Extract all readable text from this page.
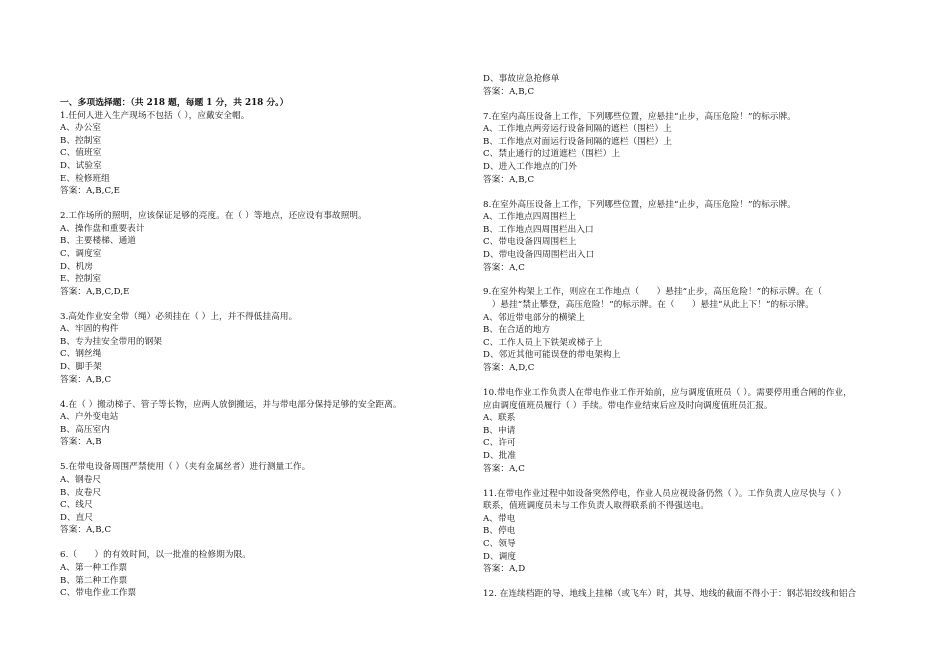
一、多项选择题：（共 218 题，每题 1 分，共 218 分。）
1.任何人进入生产现场不包括（ ），应戴安全帽。
A、办公室
B、控制室
C、值班室
D、试验室
E、检修班组
答案：A,B,C,E
2.工作场所的照明，应该保证足够的亮度。在（ ）等地点，还应设有事故照明。
A、操作盘和重要表计
B、主要楼梯、通道
C、调度室
D、机房
E、控制室
答案：A,B,C,D,E
3.高处作业安全带（绳）必须挂在（ ）上，并不得低挂高用。
A、牢固的构件
B、专为挂安全带用的钢架
C、钢丝绳
D、脚手架
答案：A,B,C
4.在（ ）搬动梯子、管子等长物，应两人放倒搬运，并与带电部分保持足够的安全距离。
A、户外变电站
B、高压室内
答案：A,B
5.在带电设备周围严禁使用（ ）（夹有金属丝者）进行测量工作。
A、钢卷尺
B、皮卷尺
C、线尺
D、直尺
答案：A,B,C
6.（　　）的有效时间，以一批准的检修期为限。
A、第一种工作票
B、第二种工作票
C、带电作业工作票
D、事故应急抢修单
答案：A,B,C
7.在室内高压设备上工作，下列哪些位置，应悬挂“止步，高压危险！”的标示牌。
A、工作地点两旁运行设备间隔的遮栏（围栏）上
B、工作地点对面运行设备间隔的遮栏（围栏）上
C、禁止通行的过道遮栏（围栏）上
D、进入工作地点的门外
答案：A,B,C
8.在室外高压设备上工作，下列哪些位置，应悬挂“止步，高压危险！”的标示牌。
A、工作地点四周围栏上
B、工作地点四周围栏出入口
C、带电设备四周围栏上
D、带电设备四周围栏出入口
答案：A,C
9.在室外构架上工作，则应在工作地点（　　）悬挂“止步，高压危险！”的标示牌。在（
　）悬挂“禁止攀登，高压危险！”的标示牌。在（　　）悬挂“从此上下！”的标示牌。
A、邻近带电部分的横梁上
B、在合适的地方
C、工作人员上下铁架或梯子上
D、邻近其他可能误登的带电架构上
答案：A,D,C
10.带电作业工作负责人在带电作业工作开始前，应与调度值班员（ ）。需要停用重合闸的作业，
应由调度值班员履行（ ）手续。带电作业结束后应及时向调度值班员汇报。
A、联系
B、申请
C、许可
D、批准
答案：A,C
11.在带电作业过程中如设备突然停电，作业人员应视设备仍然（ ）。工作负责人应尽快与（ ）
联系，值班调度员未与工作负责人取得联系前不得强送电。
A、带电
B、停电
C、领导
D、调度
答案：A,D
12. 在连续档距的导、地线上挂梯（或飞车）时，其导、地线的截面不得小于：钢芯铝绞线和铝合
